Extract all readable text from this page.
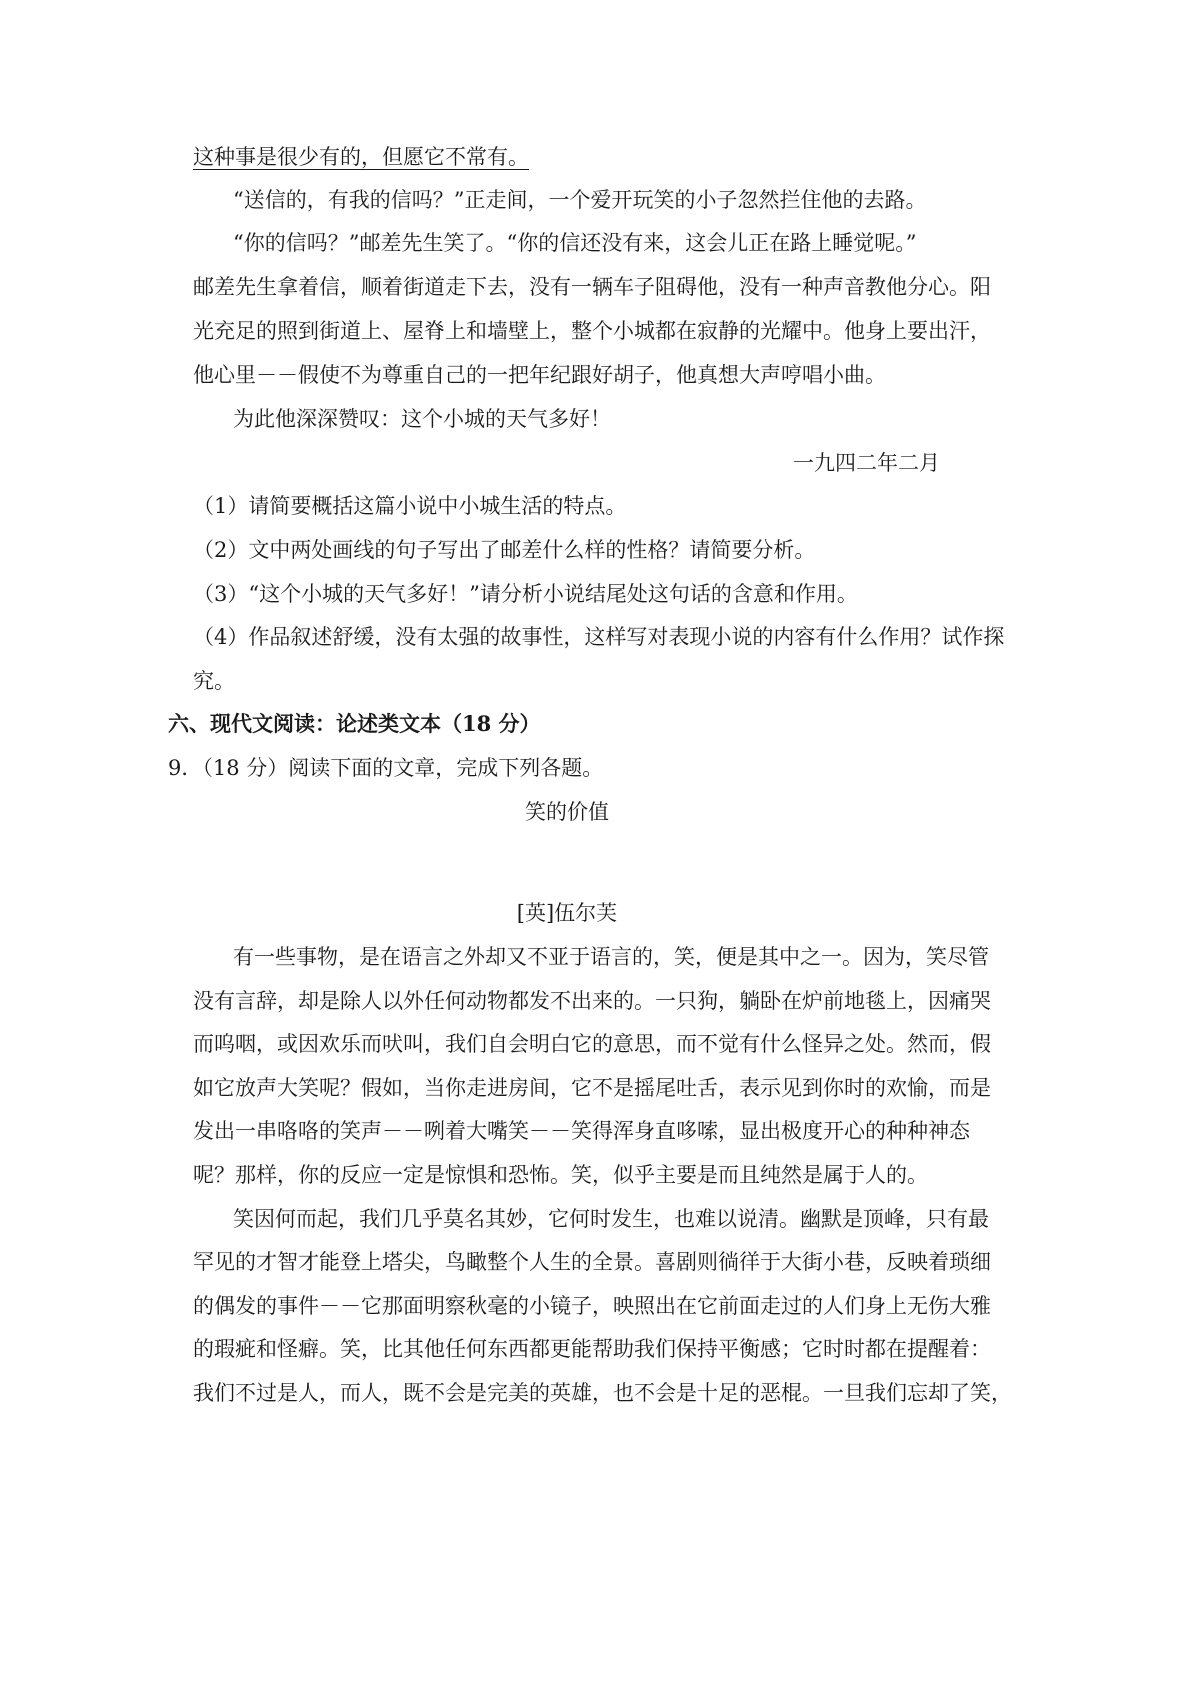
这种事是很少有的，但愿它不常有。
“送信的，有我的信吗？”正走间，一个爱开玩笑的小子忽然拦住他的去路。
“你的信吗？”邮差先生笑了。“你的信还没有来，这会儿正在路上睡觉呢。”
邮差先生拿着信，顺着街道走下去，没有一辆车子阻碍他，没有一种声音教他分心。阳
光充足的照到街道上、屋脊上和墙壁上，整个小城都在寂静的光耀中。他身上要出汗，
他心里－－假使不为尊重自己的一把年纪跟好胡子，他真想大声哼唱小曲。
为此他深深赞叹：这个小城的天气多好！
一九四二年二月
（1）请简要概括这篇小说中小城生活的特点。
（2）文中两处画线的句子写出了邮差什么样的性格？请简要分析。
（3）“这个小城的天气多好！”请分析小说结尾处这句话的含意和作用。
（4）作品叙述舒缓，没有太强的故事性，这样写对表现小说的内容有什么作用？试作探
究。
六、现代文阅读：论述类文本（18 分）
9．（18 分）阅读下面的文章，完成下列各题。
笑的价值
[英]伍尔芙
有一些事物，是在语言之外却又不亚于语言的，笑，便是其中之一。因为，笑尽管
没有言辞，却是除人以外任何动物都发不出来的。一只狗，躺卧在炉前地毯上，因痛哭
而呜咽，或因欢乐而吠叫，我们自会明白它的意思，而不觉有什么怪异之处。然而，假
如它放声大笑呢？假如，当你走进房间，它不是摇尾吐舌，表示见到你时的欢愉，而是
发出一串咯咯的笑声－－咧着大嘴笑－－笑得浑身直哆嗦，显出极度开心的种种神态
呢？那样，你的反应一定是惊惧和恐怖。笑，似乎主要是而且纯然是属于人的。
笑因何而起，我们几乎莫名其妙，它何时发生，也难以说清。幽默是顶峰，只有最
罕见的才智才能登上塔尖，鸟瞰整个人生的全景。喜剧则徜徉于大街小巷，反映着琐细
的偶发的事件－－它那面明察秋毫的小镜子，映照出在它前面走过的人们身上无伤大雅
的瑕疵和怪癖。笑，比其他任何东西都更能帮助我们保持平衡感；它时时都在提醒着：
我们不过是人，而人，既不会是完美的英雄，也不会是十足的恶棍。一旦我们忘却了笑，
